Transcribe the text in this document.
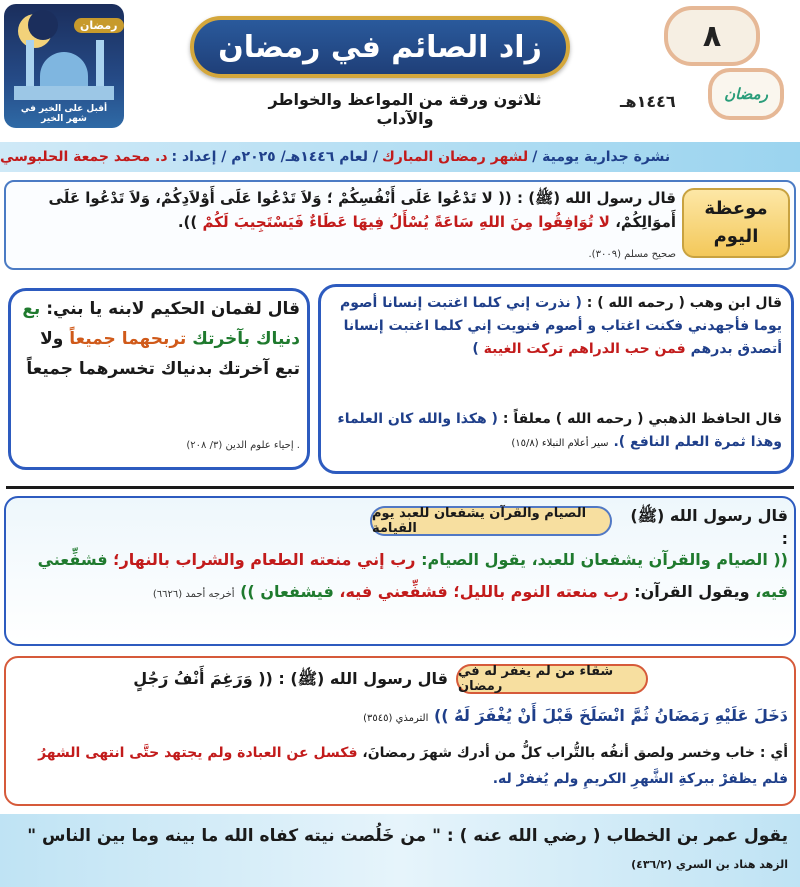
رمضان
أقبل على الخير في شهر الخير
زاد الصائم في رمضان
ثلاثون ورقة من المواعظ والخواطر والآداب
٨
رمضان
١٤٤٦هـ
نشرة جدارية يومية /
لشهر رمضان المبارك
/ لعام ١٤٤٦هـ/ ٢٠٢٥م / إعداد :
د. محمد جمعة الحلبوسي
موعظة
اليوم
قال رسول الله (ﷺ) : (( لا تَدْعُوا عَلَى أَنْفُسِكُمْ ؛ وَلاَ تَدْعُوا عَلَى أَوْلاَدِكُمْ، وَلاَ تَدْعُوا عَلَى أَموَالِكُمْ، لا تُوَافِقُوا مِنَ اللهِ سَاعَةً يُسْأَلُ فِيهَا عَطَاءٌ فَيَسْتَجِيبَ لَكُمْ )).
صحيح مسلم (٣٠٠٩).
قال ابن وهب ( رحمه الله ) : ( نذرت إني كلما اغتبت إنسانا أصوم يوما فأجهدني فكنت اغتاب و أصوم فنويت إني كلما اغتبت إنسانا أتصدق بدرهم فمن حب الدراهم تركت الغيبة )
قال الحافظ الذهبي ( رحمه الله ) معلقاً : ( هكذا والله كان العلماء وهذا ثمرة العلم النافع ). سير أعلام النبلاء (١٥/٨)
قال لقمان الحكيم لابنه يا بني: بع دنياك بآخرتك تربحهما جميعاً ولا تبع آخرتك بدنياك تخسرهما جميعاً
. إحياء علوم الدين (٣/ ٢٠٨)
الصيام والقرآن يشفعان للعبد يوم القيامة
قال رسول الله (ﷺ) :
(( الصيام والقرآن يشفعان للعبد، يقول الصيام: رب إني منعته الطعام والشراب بالنهار؛ فشفِّعني فيه، ويقول القرآن: رب منعته النوم بالليل؛ فشفِّعني فيه، فيشفعان )) أخرجه أحمد (٦٦٢٦)
شقاء من لم يغفر له في رمضان
قال رسول الله (ﷺ) : (( وَرَغِمَ أَنْفُ رَجُلٍ
دَخَلَ عَلَيْهِ رَمَضَانُ ثُمَّ انْسَلَخَ قَبْلَ أَنْ يُغْفَرَ لَهُ )) الترمذي (٣٥٤٥)
أي : خاب وخسر ولصق أنفُه بالتُّراب كلُّ من أدرك شهرَ رمضانَ، فكسل عن العبادة ولم يجتهد حتَّى انتهى الشهرُ فلم يظفرْ ببركةِ الشَّهرِ الكريمِ ولم يُغفرْ له.
يقول عمر بن الخطاب ( رضي الله عنه ) : " من خَلُصت نيته كفاه الله ما بينه وما بين الناس "
الزهد هناد بن السري (٤٣٦/٢)
